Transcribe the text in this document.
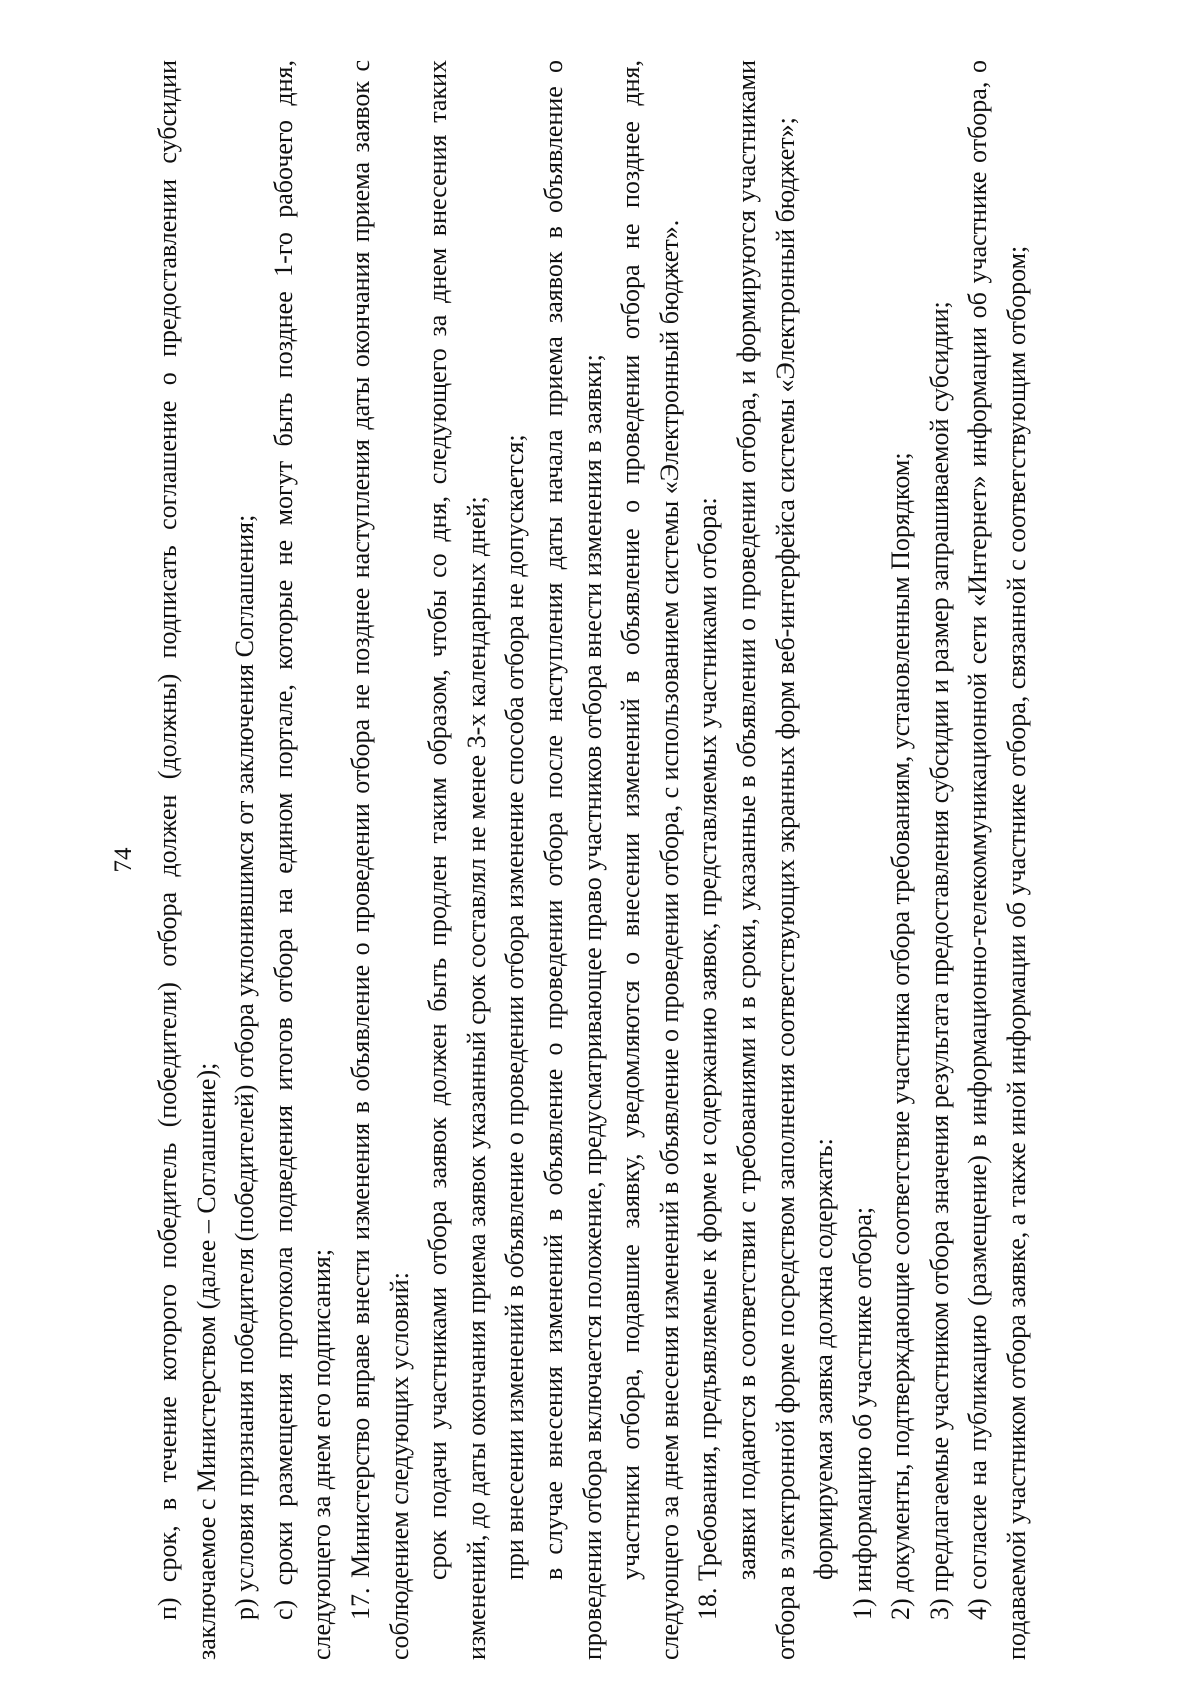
74 п) срок, в течение которого победитель (победители) отбора должен (должны) подписать соглашение о предоставлении субсидии заключаемое с Министерством (далее – Соглашение); р) условия признания победителя (победителей) отбора уклонившимся от заключения Соглашения; с) сроки размещения протокола подведения итогов отбора на едином портале, которые не могут быть позднее 1-го рабочего дня, следующего за днем его подписания; 17. Министерство вправе внести изменения в объявление о проведении отбора не позднее наступления даты окончания приема заявок с соблюдением следующих условий: срок подачи участниками отбора заявок должен быть продлен таким образом, чтобы со дня, следующего за днем внесения таких изменений, до даты окончания приема заявок указанный срок составлял не менее 3-х календарных дней; при внесении изменений в объявление о проведении отбора изменение способа отбора не допускается; в случае внесения изменений в объявление о проведении отбора после наступления даты начала приема заявок в объявление о проведении отбора включается положение, предусматривающее право участников отбора внести изменения в заявки; участники отбора, подавшие заявку, уведомляются о внесении изменений в объявление о проведении отбора не позднее дня, следующего за днем внесения изменений в объявление о проведении отбора, с использованием системы «Электронный бюджет». 18. Требования, предъявляемые к форме и содержанию заявок, представляемых участниками отбора: заявки подаются в соответствии с требованиями и в сроки, указанные в объявлении о проведении отбора, и формируются участниками отбора в электронной форме посредством заполнения соответствующих экранных форм веб-интерфейса системы «Электронный бюджет»; формируемая заявка должна содержать: 1) информацию об участнике отбора; 2) документы, подтверждающие соответствие участника отбора требованиям, установленным Порядком; 3) предлагаемые участником отбора значения результата предоставления субсидии и размер запрашиваемой субсидии; 4) согласие на публикацию (размещение) в информационно-телекоммуникационной сети «Интернет» информации об участнике отбора, о подаваемой участником отбора заявке, а также иной информации об участнике отбора, связанной с соответствующим отбором;
